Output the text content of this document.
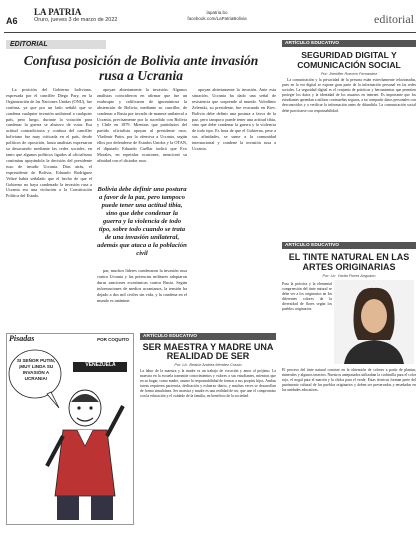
A6
LA PATRIA
Oruro, jueves 3 de marzo de 2022
lapatria.bo
facebook.com/LaPatriaBolivia	editorial
EDITORIAL
Confusa posición de Bolivia ante invasión rusa a Ucrania

La posición del Gobierno boliviano, expresada por el canciller Diego Pary, en la Organización de las Naciones Unidas (ONU), fue confusa, ya que por un lado señaló que se condena cualquier invasión unilateral a cualquier país, pero luego, durante la votación para condenar la guerra se abstuvo de votar. Esa actitud contradictoria y confusa del canciller boliviano fue muy criticada en el país, desde políticos de oposición, hasta analistas expresaron su desacuerdo mediante las redes sociales, en tanto que algunos políticos ligados al oficialismo continúan apoyándola la decisión del presidente ruso de invadir Ucrania. Dias atrás, el expresidente de Bolivia, Eduardo Rodríguez Veltzé había señalado que el hecho de que el Gobierno no haya condenado la invasión rusa a Ucrania era una violación a la Constitución Política del Estado.

apoyan abiertamente la invasión. Algunos analistas coincidieron en afirmar que fue un exabrupto y calificaron de ignominiosa la abstención de Bolivia, mediante su canciller, de condenar a Rusia por invadir de manera unilateral a Ucrania, precisamente por lo sucedido con Bolivia y Chile en 1879. Mientras que partidarios del partido oficialista apoyan al presidente ruso, Vladimir Putin, por la ofensiva a Ucrania, según ellos por defenderse de Estados Unidos y la OTAN, el diputado Eduardo Cuéllar indicó que Evo Morales, en repetidas ocasiones, mencionó su afinidad con el dictador ruso.

Bolivia debe definir una postura a favor de la paz, pero tampoco puede tener una actitud tibia, sino que debe condenar la guerra y la violencia de todo tipo, sobre todo cuando se trata de una invasión unilateral, además que ataca a la población civil

par, muchos líderes condenaron la invasión rusa contra Ucrania y las potencias militares adoptaron duras sanciones económicas contra Rusia. Según informaciones de medios ucranianos, la tensión ha dejado a dos mil civiles sin vida, y la condena en el mundo es unánime.

apoyan abiertamente la invasión. Ante esta situación, Ucrania ha dado una señal de resistencia que sorprende al mundo. Volodímir Zelenski, su presidente, fue evacuado en Kiev. Bolivia debe definir una postura a favor de la paz, pero tampoco puede tener una actitud tibia, sino que debe condenar la guerra y la violencia de todo tipo. Es hora de que el Gobierno, pese a sus afinidades, se sume a la comunidad internacional y condene la invasión rusa a Ucrania.

Pisadas	POR COQUITO
VENEZUELA
SI SEÑOR PUTIN, ¡MUY LINDA SU INVASIÓN A UCRANIA!
ARTÍCULO EDUCATIVO
SER MAESTRA Y MADRE UNA REALIDAD DE SER
Por: Lic. Beatriz Andrea Mendez Cossio
La labor de la maestra y la madre es un trabajo de vocación y amor al prójimo. La maestra en la escuela transmite conocimientos y valores a sus estudiantes, mientras que en su hogar, como madre, asume la responsabilidad de formar a sus propios hijos. Ambas tareas requieren paciencia, dedicación y esfuerzo diario, y muchas veces se desarrollan de forma simultánea. Ser maestra y madre es una realidad de ser, que une el compromiso con la educación y el cuidado de la familia, en beneficio de la sociedad.
ARTÍCULO EDUCATIVO
SEGURIDAD DIGITAL Y COMUNICACIÓN SOCIAL
Por: Jheniffer Romero Fernandez

La comunicación y la privacidad de la persona están estrechamente relacionadas, pues en la era digital se expone gran parte de la información personal en las redes sociales. La seguridad digital es el conjunto de prácticas y herramientas que permiten proteger los datos y la identidad de los usuarios en internet. Es importante que los estudiantes aprendan a utilizar contraseñas seguras, a no compartir datos personales con desconocidos y a verificar la información antes de difundirla. La comunicación social debe practicarse con responsabilidad.

ARTÍCULO EDUCATIVO
EL TINTE NATURAL EN LAS ARTES ORIGINARIAS
Por: Lic. Yacita Flores Anguano
Para la práctica y la elemental comprensión del tinte natural se debe ver a los originarios en los diferentes colores de la diversidad de flores según los pueblos originarios.
El proceso del tinte natural consiste en la obtención de colores a partir de plantas, minerales y algunos insectos. Nuestros antepasados utilizaban la cochinilla para el color rojo, el nogal para el marrón y la chilca para el verde. Estas técnicas forman parte del patrimonio cultural de los pueblos originarios y deben ser preservadas y enseñadas en las unidades educativas.
